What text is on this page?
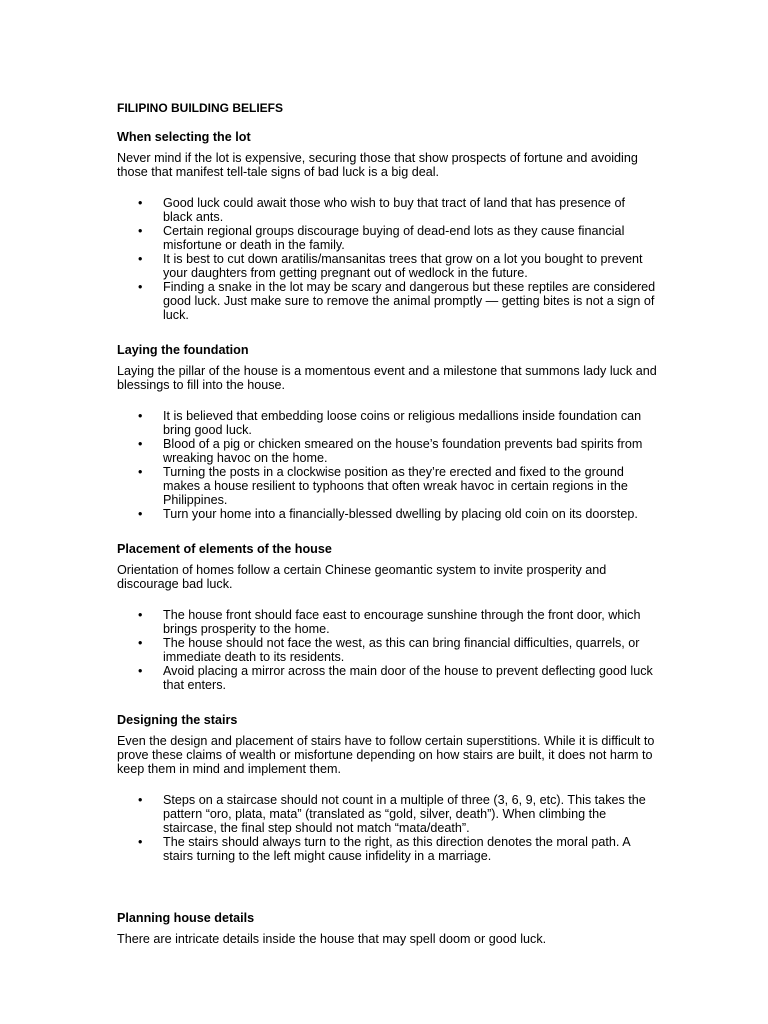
FILIPINO BUILDING BELIEFS
When selecting the lot

Never mind if the lot is expensive, securing those that show prospects of fortune and avoiding those that manifest tell-tale signs of bad luck is a big deal.

• Good luck could await those who wish to buy that tract of land that has presence of black ants.
• Certain regional groups discourage buying of dead-end lots as they cause financial misfortune or death in the family.
• It is best to cut down aratilis/mansanitas trees that grow on a lot you bought to prevent your daughters from getting pregnant out of wedlock in the future.
• Finding a snake in the lot may be scary and dangerous but these reptiles are considered good luck. Just make sure to remove the animal promptly — getting bites is not a sign of luck.
Laying the foundation

Laying the pillar of the house is a momentous event and a milestone that summons lady luck and blessings to fill into the house.

• It is believed that embedding loose coins or religious medallions inside foundation can bring good luck.
• Blood of a pig or chicken smeared on the house’s foundation prevents bad spirits from wreaking havoc on the home.
• Turning the posts in a clockwise position as they’re erected and fixed to the ground makes a house resilient to typhoons that often wreak havoc in certain regions in the Philippines.
• Turn your home into a financially-blessed dwelling by placing old coin on its doorstep.
Placement of elements of the house

Orientation of homes follow a certain Chinese geomantic system to invite prosperity and discourage bad luck.

• The house front should face east to encourage sunshine through the front door, which brings prosperity to the home.
• The house should not face the west, as this can bring financial difficulties, quarrels, or immediate death to its residents.
• Avoid placing a mirror across the main door of the house to prevent deflecting good luck that enters.
Designing the stairs

Even the design and placement of stairs have to follow certain superstitions. While it is difficult to prove these claims of wealth or misfortune depending on how stairs are built, it does not harm to keep them in mind and implement them.

• Steps on a staircase should not count in a multiple of three (3, 6, 9, etc). This takes the pattern “oro, plata, mata” (translated as “gold, silver, death”). When climbing the staircase, the final step should not match “mata/death”.
• The stairs should always turn to the right, as this direction denotes the moral path. A stairs turning to the left might cause infidelity in a marriage.
Planning house details

There are intricate details inside the house that may spell doom or good luck.
